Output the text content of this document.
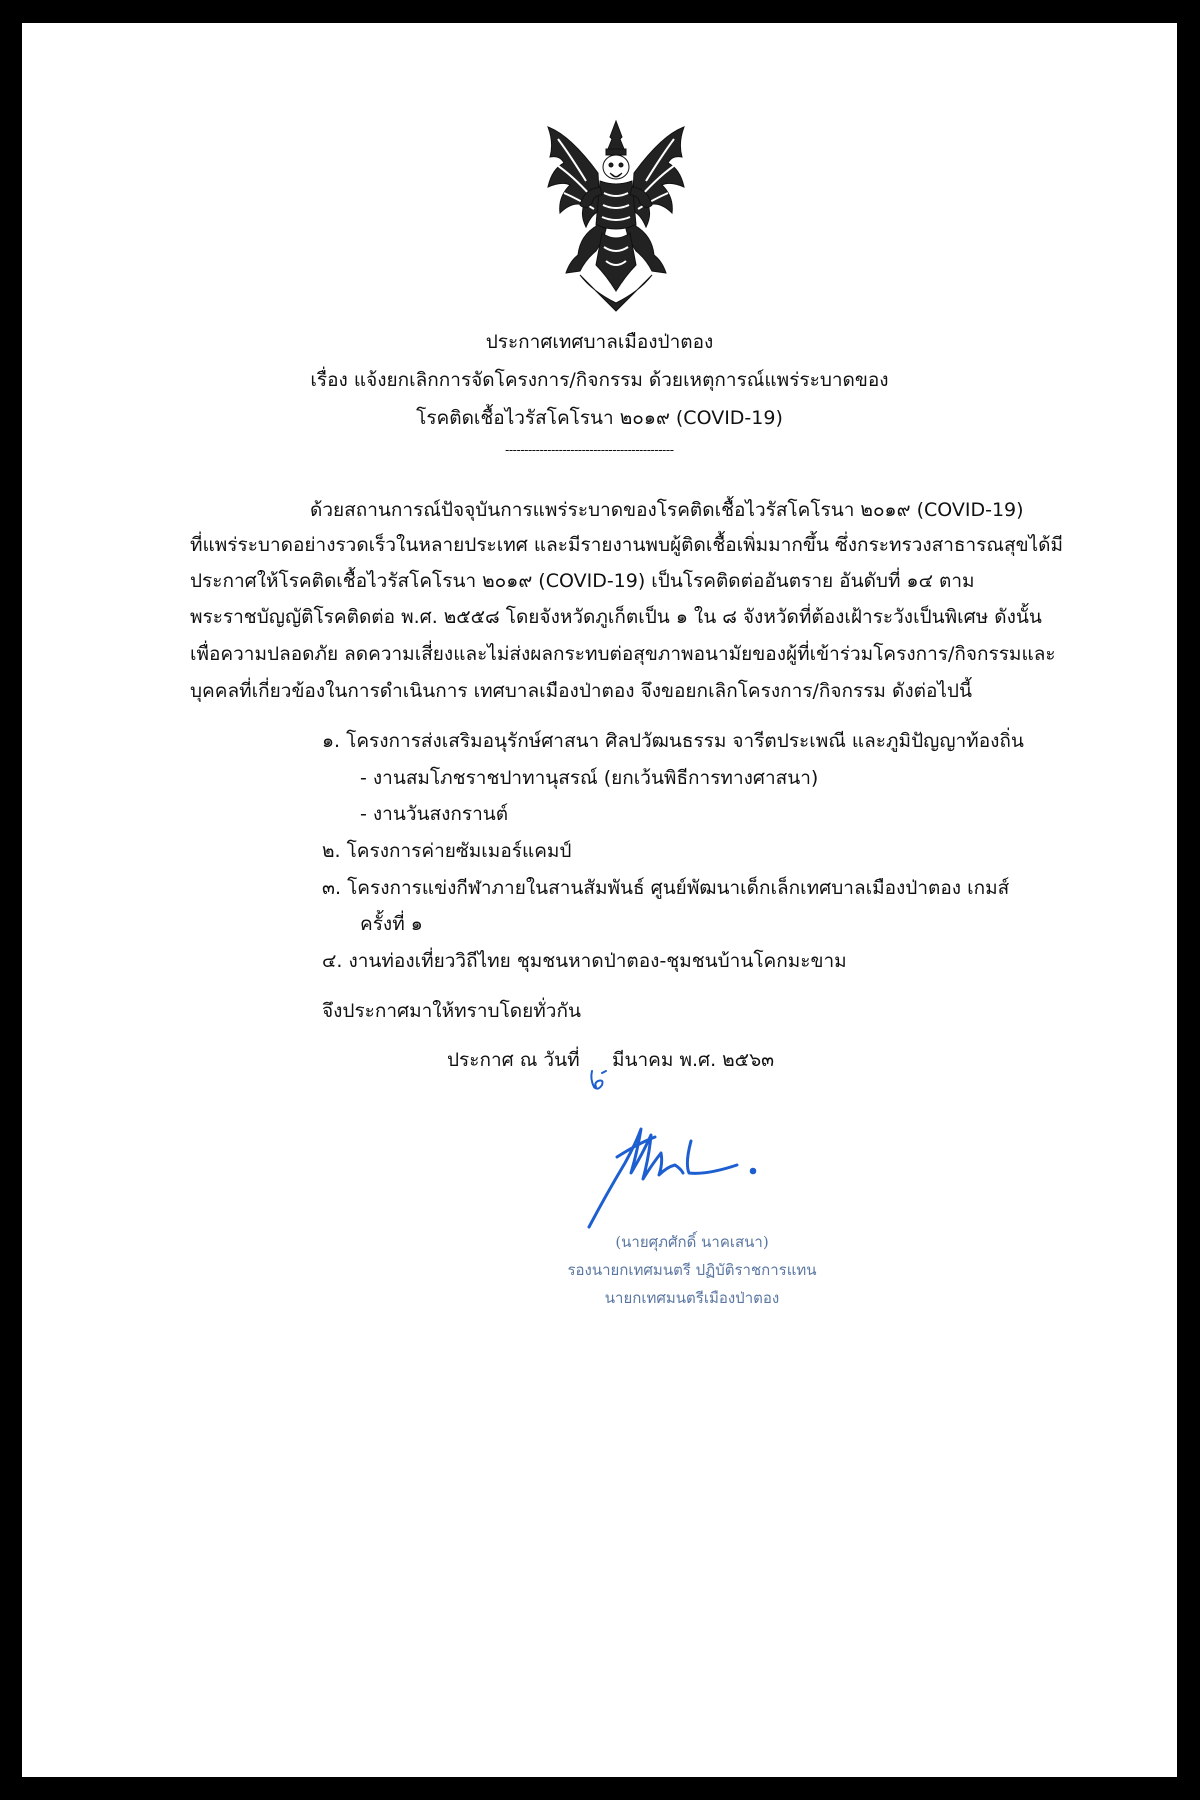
ประกาศเทศบาลเมืองป่าตอง
เรื่อง แจ้งยกเลิกการจัดโครงการ/กิจกรรม ด้วยเหตุการณ์แพร่ระบาดของ
โรคติดเชื้อไวรัสโคโรนา ๒๐๑๙ (COVID-19)
--------------------------------------------
ด้วยสถานการณ์ปัจจุบันการแพร่ระบาดของโรคติดเชื้อไวรัสโคโรนา ๒๐๑๙ (COVID-19)
ที่แพร่ระบาดอย่างรวดเร็วในหลายประเทศ และมีรายงานพบผู้ติดเชื้อเพิ่มมากขึ้น ซึ่งกระทรวงสาธารณสุขได้มี
ประกาศให้โรคติดเชื้อไวรัสโคโรนา ๒๐๑๙ (COVID-19) เป็นโรคติดต่ออันตราย อันดับที่ ๑๔ ตาม
พระราชบัญญัติโรคติดต่อ พ.ศ. ๒๕๕๘ โดยจังหวัดภูเก็ตเป็น ๑ ใน ๘ จังหวัดที่ต้องเฝ้าระวังเป็นพิเศษ ดังนั้น
เพื่อความปลอดภัย ลดความเสี่ยงและไม่ส่งผลกระทบต่อสุขภาพอนามัยของผู้ที่เข้าร่วมโครงการ/กิจกรรมและ
บุคคลที่เกี่ยวข้องในการดำเนินการ เทศบาลเมืองป่าตอง จึงขอยกเลิกโครงการ/กิจกรรม ดังต่อไปนี้
๑. โครงการส่งเสริมอนุรักษ์ศาสนา ศิลปวัฒนธรรม จารีตประเพณี และภูมิปัญญาท้องถิ่น
- งานสมโภชราชปาทานุสรณ์ (ยกเว้นพิธีการทางศาสนา)
- งานวันสงกรานต์
๒. โครงการค่ายซัมเมอร์แคมป์
๓. โครงการแข่งกีฬาภายในสานสัมพันธ์ ศูนย์พัฒนาเด็กเล็กเทศบาลเมืองป่าตอง เกมส์
ครั้งที่ ๑
๔. งานท่องเที่ยววิถีไทย ชุมชนหาดป่าตอง-ชุมชนบ้านโคกมะขาม
จึงประกาศมาให้ทราบโดยทั่วกัน
ประกาศ ณ วันที่ มีนาคม พ.ศ. ๒๕๖๓
(นายศุภศักดิ์ นาคเสนา)
รองนายกเทศมนตรี ปฏิบัติราชการแทน
นายกเทศมนตรีเมืองป่าตอง
